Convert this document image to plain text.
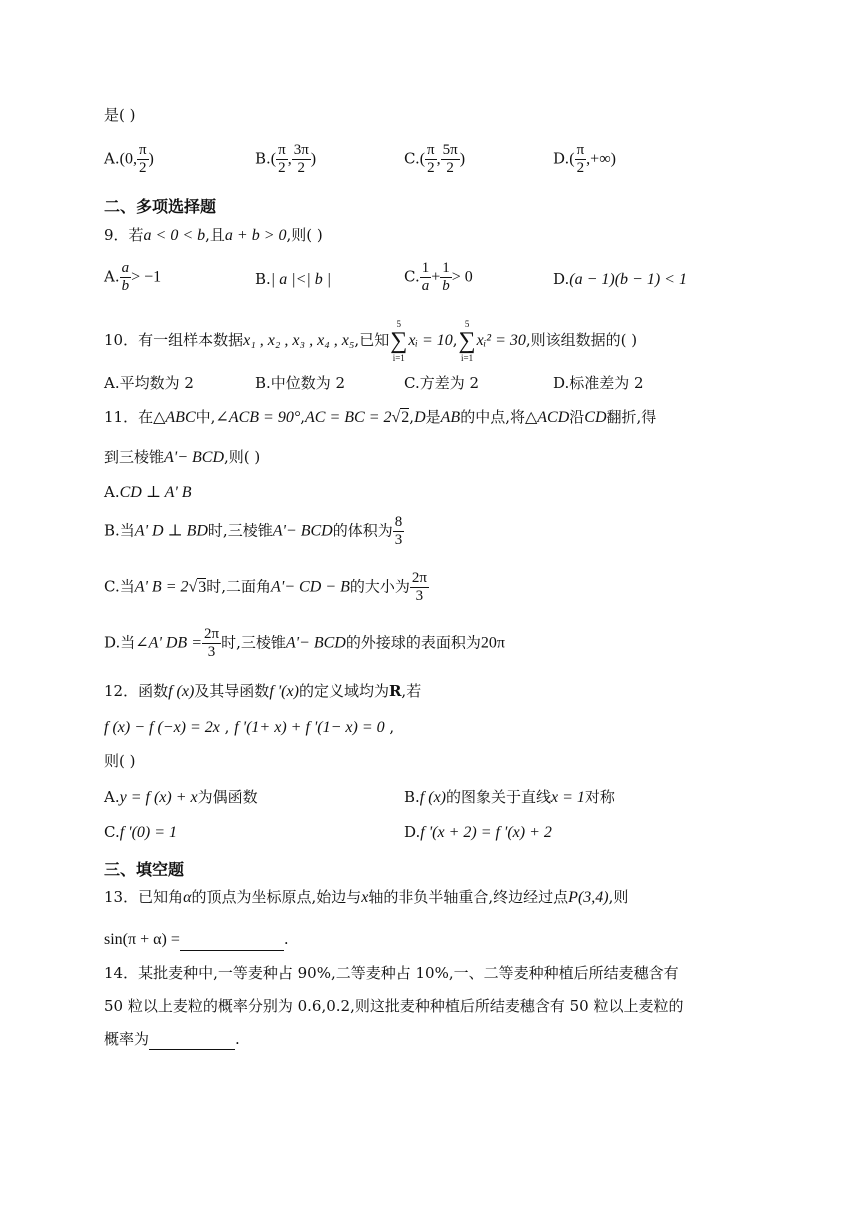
是( )
A.(0, $\frac{\pi}{2}$ )	$B.( \frac{\pi}{2}$ , $\frac{3\pi}{2}$ )	$C.( \frac{\pi}{2}$ , $\frac{5\pi}{2}$ )	$D.( \frac{\pi}{2}$ ,+∞)
二、多项选择题
9．若a < 0 < b,且a + b > 0,则( )
A. $\frac{a}{b} > -1$	B.| a |<| b |	C. $\frac{1}{a} + \frac{1}{b} > 0$	D.(a − 1)(b − 1) < 1
10．有一组样本数据x₁ , x₂ , x₃ , x₄ , x₅,已知
5
∑
i=1
xᵢ = 10,
5
∑
i=1
xᵢ² = 30,则该组数据的( )
A.平均数为 2	B.中位数为 2	C.方差为 2	D.标准差为 2
11．在△ABC中,∠ACB = 90°,AC = BC = 2√2,D是AB的中点,将△ACD沿CD翻折,得
到三棱锥A'− BCD,则( )
A.CD ⊥ A' B
B.当A' D ⊥ BD时,三棱锥A'− BCD的体积为 $\frac{8}{3}$
C.当A' B = 2√3时,二面角A'− CD − B的大小为 $\frac{2\pi}{3}$
D.当∠A' DB = $\frac{2\pi}{3}$ 时,三棱锥A'− BCD的外接球的表面积为20π
12．函数f (x)及其导函数f '(x)的定义域均为R,若
f (x) − f (−x) = 2x , f '(1+ x) + f '(1− x) = 0 ,
则( )
A.y = f (x) + x为偶函数	B.f (x)的图象关于直线x = 1对称
C.f '(0) = 1	D.f '(x + 2) = f '(x) + 2
三、填空题
13．已知角α的顶点为坐标原点,始边与x轴的非负半轴重合,终边经过点P(3,4),则
sin(π + α) =	.
14．某批麦种中,一等麦种占 90%,二等麦种占 10%,一、二等麦种种植后所结麦穗含有
50 粒以上麦粒的概率分别为 0.6,0.2,则这批麦种种植后所结麦穗含有 50 粒以上麦粒的
概率为	.
